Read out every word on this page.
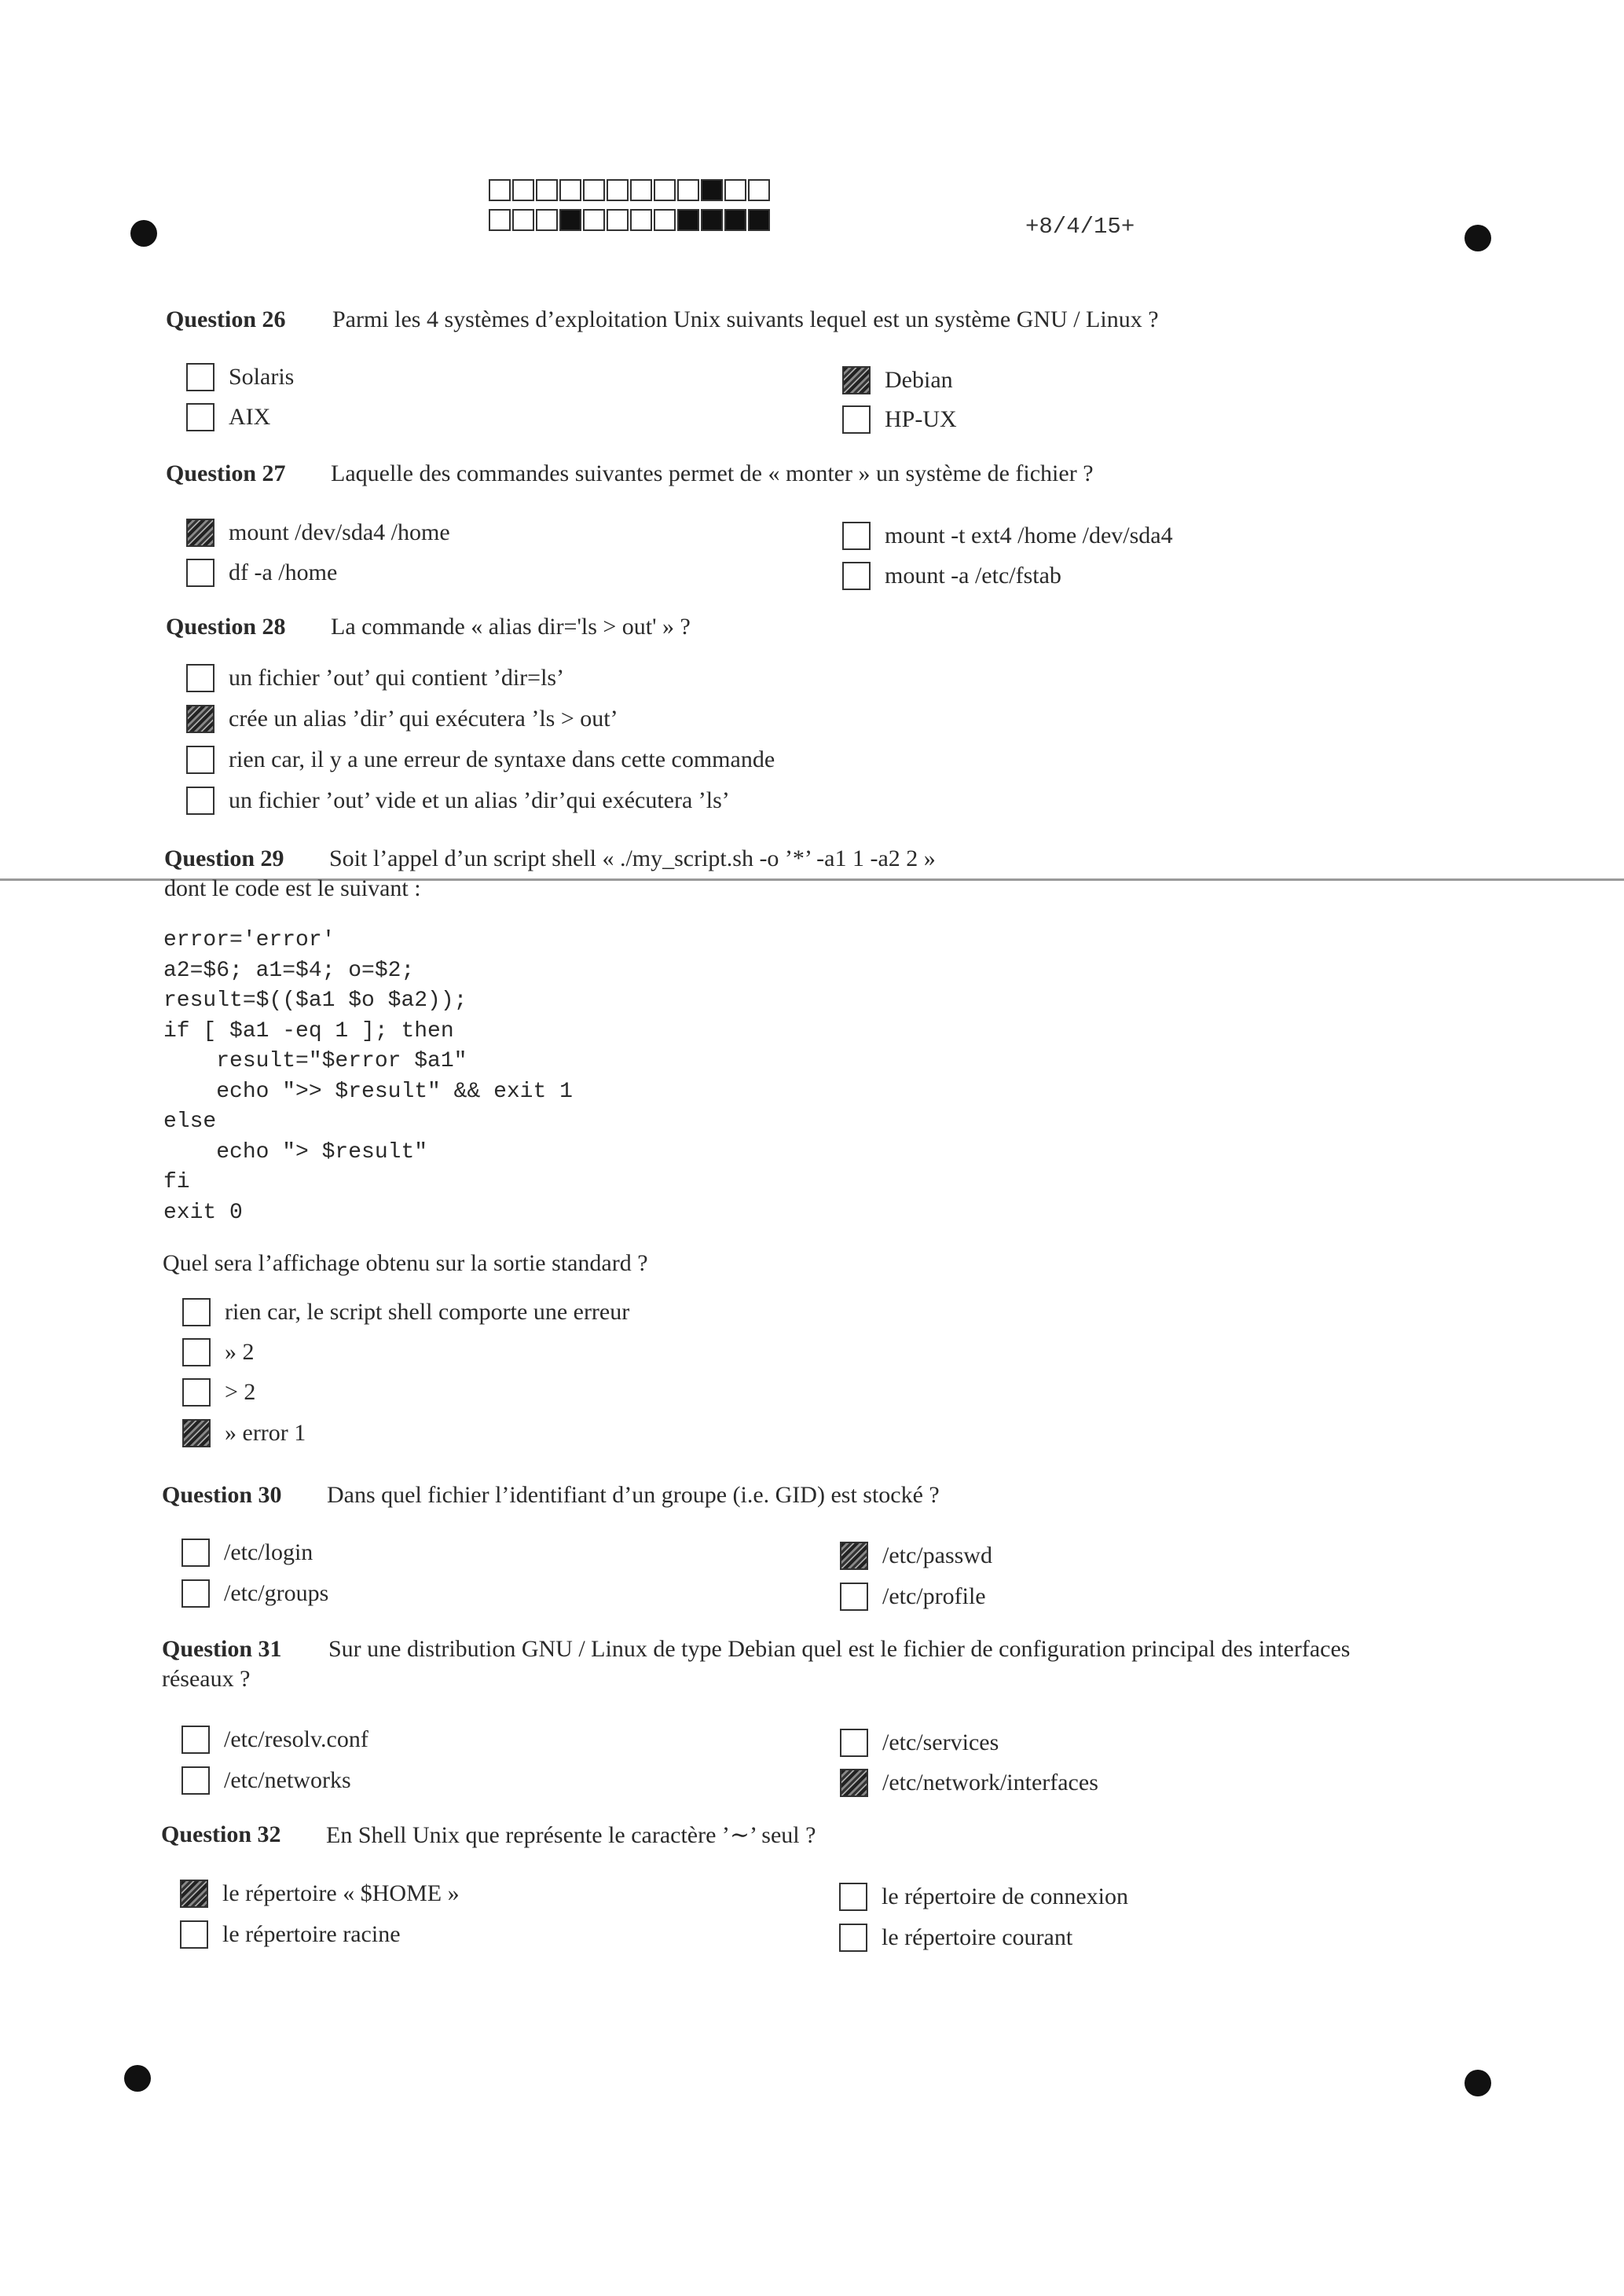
+8/4/15+
Question 26 Parmi les 4 systèmes d’exploitation Unix suivants lequel est un système GNU / Linux ?
Solaris
AIX
Debian
HP-UX
Question 27 Laquelle des commandes suivantes permet de « monter » un système de fichier ?
mount /dev/sda4 /home
df -a /home
mount -t ext4 /home /dev/sda4
mount -a /etc/fstab
Question 28 La commande « alias dir='ls > out' » ?
un fichier ’out’ qui contient ’dir=ls’
crée un alias ’dir’ qui exécutera ’ls > out’
rien car, il y a une erreur de syntaxe dans cette commande
un fichier ’out’ vide et un alias ’dir’qui exécutera ’ls’
Question 29 Soit l’appel d’un script shell « ./my_script.sh -o ’*’ -a1 1 -a2 2 »
dont le code est le suivant :
error='error'
a2=$6; a1=$4; o=$2;
result=$(($a1 $o $a2));
if [ $a1 -eq 1 ]; then
result="$error $a1"
echo ">> $result" && exit 1
else
echo "> $result"
fi
exit 0
Quel sera l’affichage obtenu sur la sortie standard ?
rien car, le script shell comporte une erreur
» 2
> 2
» error 1
Question 30 Dans quel fichier l’identifiant d’un groupe (i.e. GID) est stocké ?
/etc/login
/etc/groups
/etc/passwd
/etc/profile
Question 31 Sur une distribution GNU / Linux de type Debian quel est le fichier de configuration principal des interfaces
réseaux ?
/etc/resolv.conf
/etc/networks
/etc/services
/etc/network/interfaces
Question 32 En Shell Unix que représente le caractère ’∼’ seul ?
le répertoire « $HOME »
le répertoire racine
le répertoire de connexion
le répertoire courant
